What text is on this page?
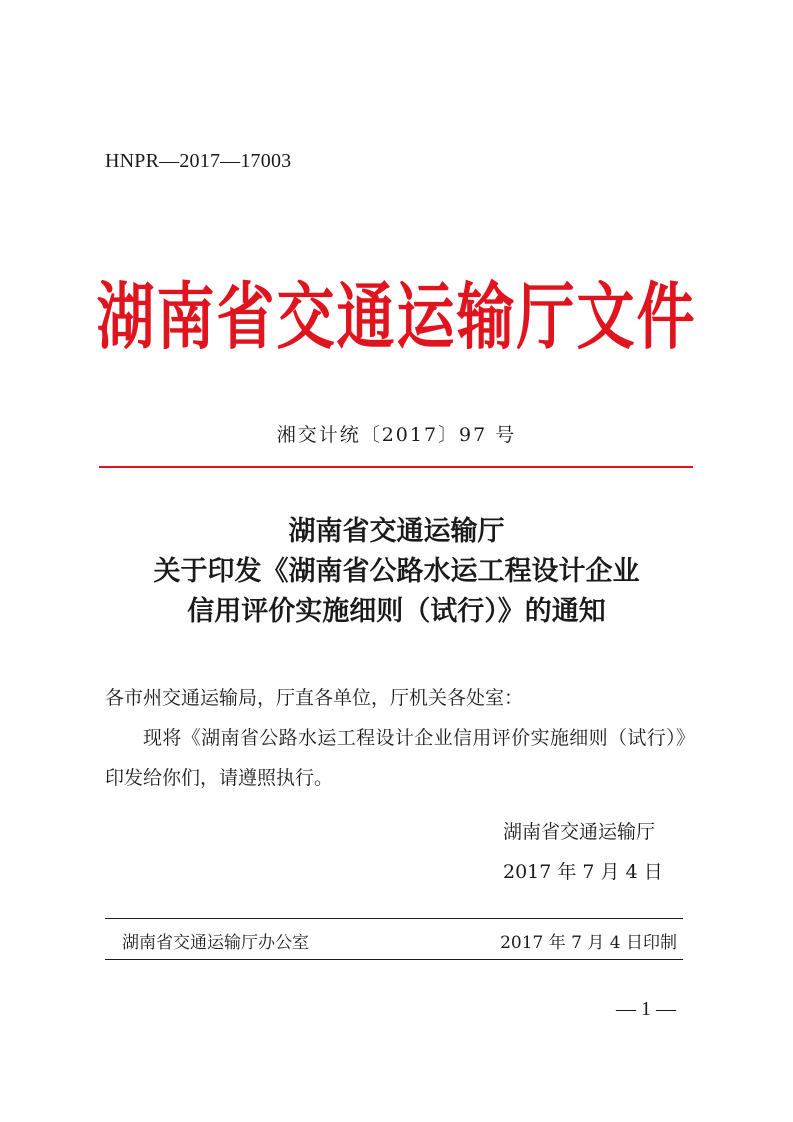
HNPR—2017—17003
湖南省交通运输厅文件
湘交计统〔2017〕97 号
湖南省交通运输厅
关于印发《湖南省公路水运工程设计企业
信用评价实施细则（试行）》的通知
各市州交通运输局，厅直各单位，厅机关各处室：
现将《湖南省公路水运工程设计企业信用评价实施细则（试行）》印发给你们，请遵照执行。
湖南省交通运输厅
2017 年 7 月 4 日
湖南省交通运输厅办公室	2017 年 7 月 4 日印制
— 1 —
